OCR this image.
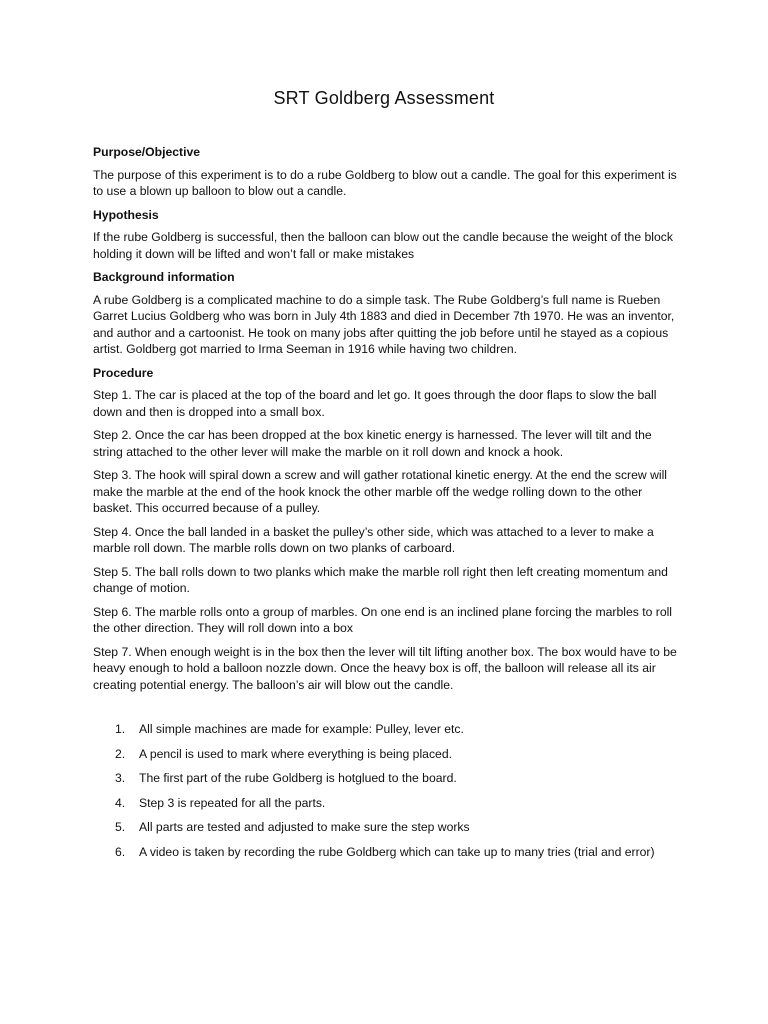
SRT Goldberg Assessment

Purpose/Objective

The purpose of this experiment is to do a rube Goldberg to blow out a candle. The goal for this experiment is to use a blown up balloon to blow out a candle.

Hypothesis

If the rube Goldberg is successful, then the balloon can blow out the candle because the weight of the block holding it down will be lifted and won’t fall or make mistakes

Background information

A rube Goldberg is a complicated machine to do a simple task. The Rube Goldberg’s full name is Rueben Garret Lucius Goldberg who was born in July 4th 1883 and died in December 7th 1970. He was an inventor, and author and a cartoonist. He took on many jobs after quitting the job before until he stayed as a copious artist. Goldberg got married to Irma Seeman in 1916 while having two children.

Procedure

Step 1. The car is placed at the top of the board and let go. It goes through the door flaps to slow the ball down and then is dropped into a small box.

Step 2. Once the car has been dropped at the box kinetic energy is harnessed. The lever will tilt and the string attached to the other lever will make the marble on it roll down and knock a hook.

Step 3. The hook will spiral down a screw and will gather rotational kinetic energy. At the end the screw will make the marble at the end of the hook knock the other marble off the wedge rolling down to the other basket. This occurred because of a pulley.

Step 4. Once the ball landed in a basket the pulley’s other side, which was attached to a lever to make a marble roll down. The marble rolls down on two planks of carboard.

Step 5. The ball rolls down to two planks which make the marble roll right then left creating momentum and change of motion.

Step 6. The marble rolls onto a group of marbles. On one end is an inclined plane forcing the marbles to roll the other direction. They will roll down into a box

Step 7. When enough weight is in the box then the lever will tilt lifting another box. The box would have to be heavy enough to hold a balloon nozzle down. Once the heavy box is off, the balloon will release all its air creating potential energy. The balloon’s air will blow out the candle.

1.	All simple machines are made for example: Pulley, lever etc.
2.	A pencil is used to mark where everything is being placed.
3.	The first part of the rube Goldberg is hotglued to the board.
4.	Step 3 is repeated for all the parts.
5.	All parts are tested and adjusted to make sure the step works
6.	A video is taken by recording the rube Goldberg which can take up to many tries (trial and error)
